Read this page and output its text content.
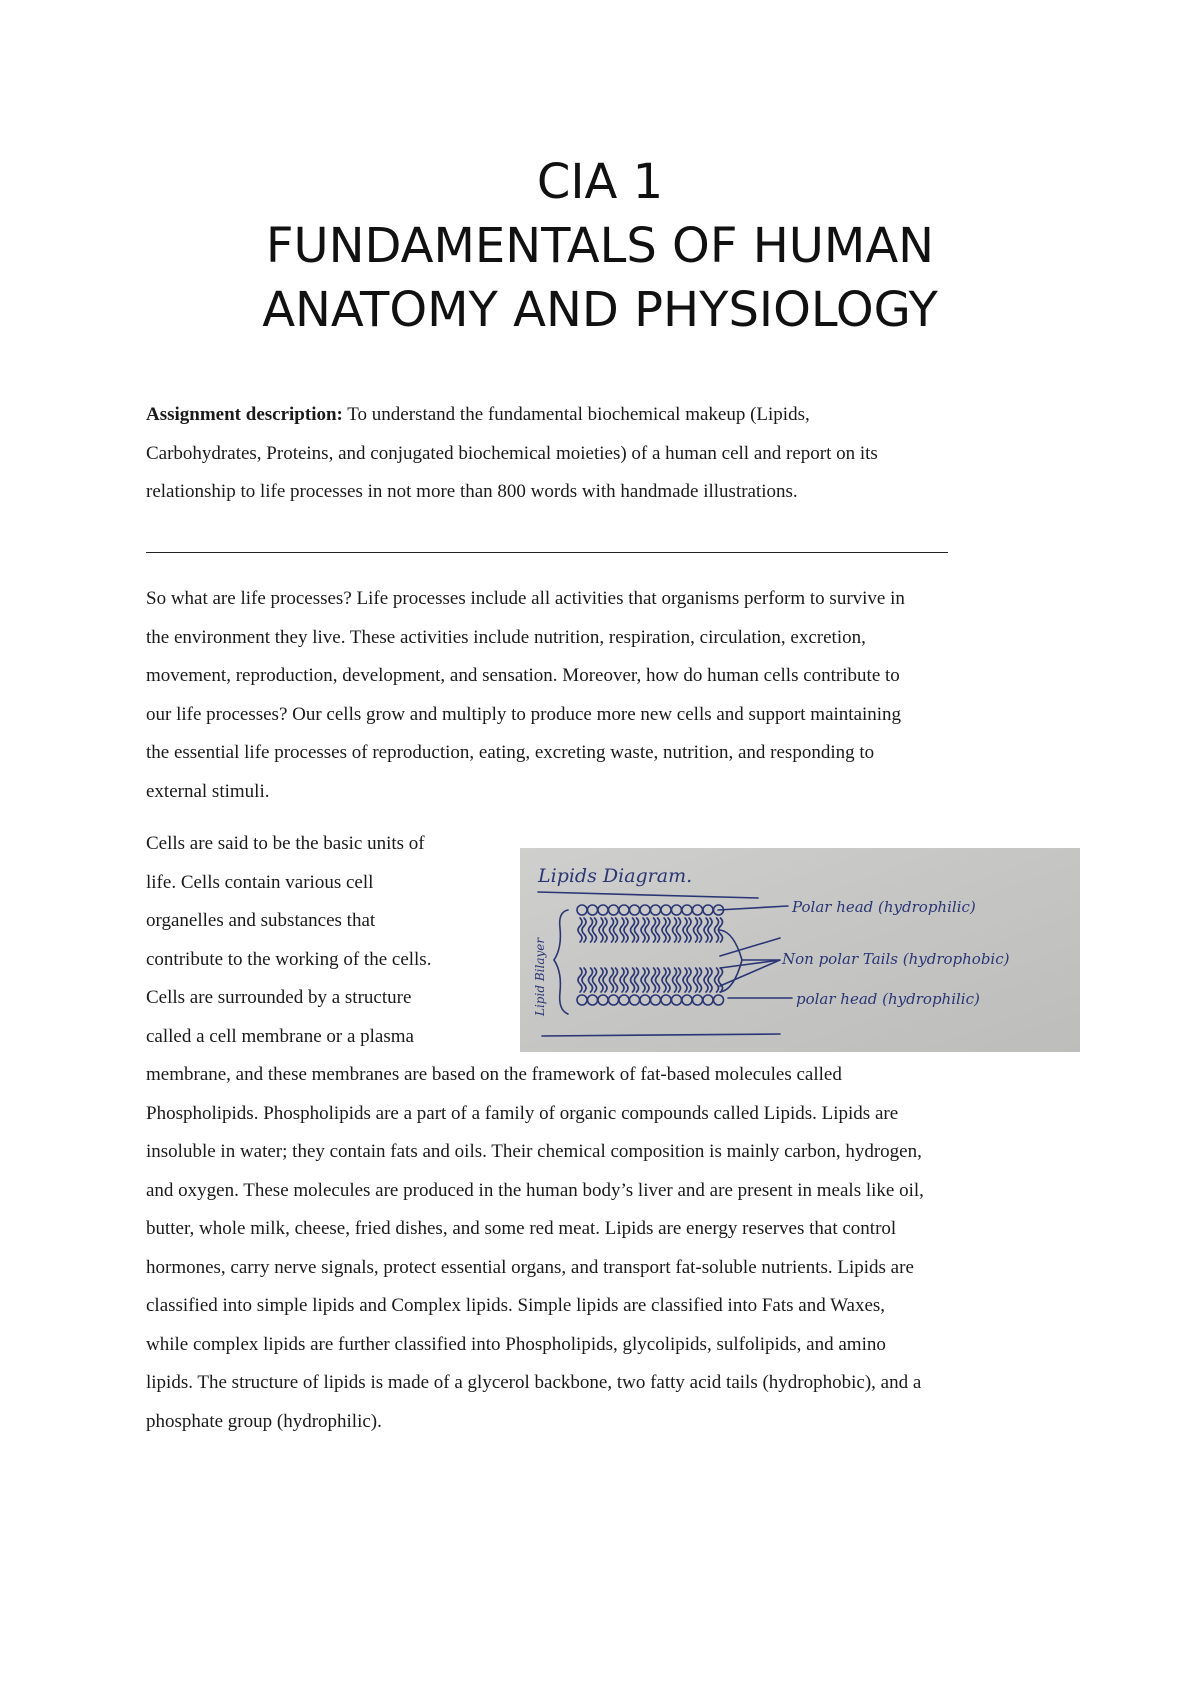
CIA 1
FUNDAMENTALS OF HUMAN
ANATOMY AND PHYSIOLOGY
Assignment description: To understand the fundamental biochemical makeup (Lipids,
Carbohydrates, Proteins, and conjugated biochemical moieties) of a human cell and report on its
relationship to life processes in not more than 800 words with handmade illustrations.
So what are life processes? Life processes include all activities that organisms perform to survive in
the environment they live. These activities include nutrition, respiration, circulation, excretion,
movement, reproduction, development, and sensation. Moreover, how do human cells contribute to
our life processes? Our cells grow and multiply to produce more new cells and support maintaining
the essential life processes of reproduction, eating, excreting waste, nutrition, and responding to
external stimuli.
Cells are said to be the basic units of
life. Cells contain various cell
organelles and substances that
contribute to the working of the cells.
Cells are surrounded by a structure
called a cell membrane or a plasma
membrane, and these membranes are based on the framework of fat-based molecules called
Phospholipids. Phospholipids are a part of a family of organic compounds called Lipids. Lipids are
insoluble in water; they contain fats and oils. Their chemical composition is mainly carbon, hydrogen,
and oxygen. These molecules are produced in the human body’s liver and are present in meals like oil,
butter, whole milk, cheese, fried dishes, and some red meat. Lipids are energy reserves that control
hormones, carry nerve signals, protect essential organs, and transport fat-soluble nutrients. Lipids are
classified into simple lipids and Complex lipids. Simple lipids are classified into Fats and Waxes,
while complex lipids are further classified into Phospholipids, glycolipids, sulfolipids, and amino
lipids. The structure of lipids is made of a glycerol backbone, two fatty acid tails (hydrophobic), and a
phosphate group (hydrophilic).
Lipids Diagram.
Lipid Bilayer
Polar head (hydrophilic)
Non polar Tails (hydrophobic)
polar head (hydrophilic)
